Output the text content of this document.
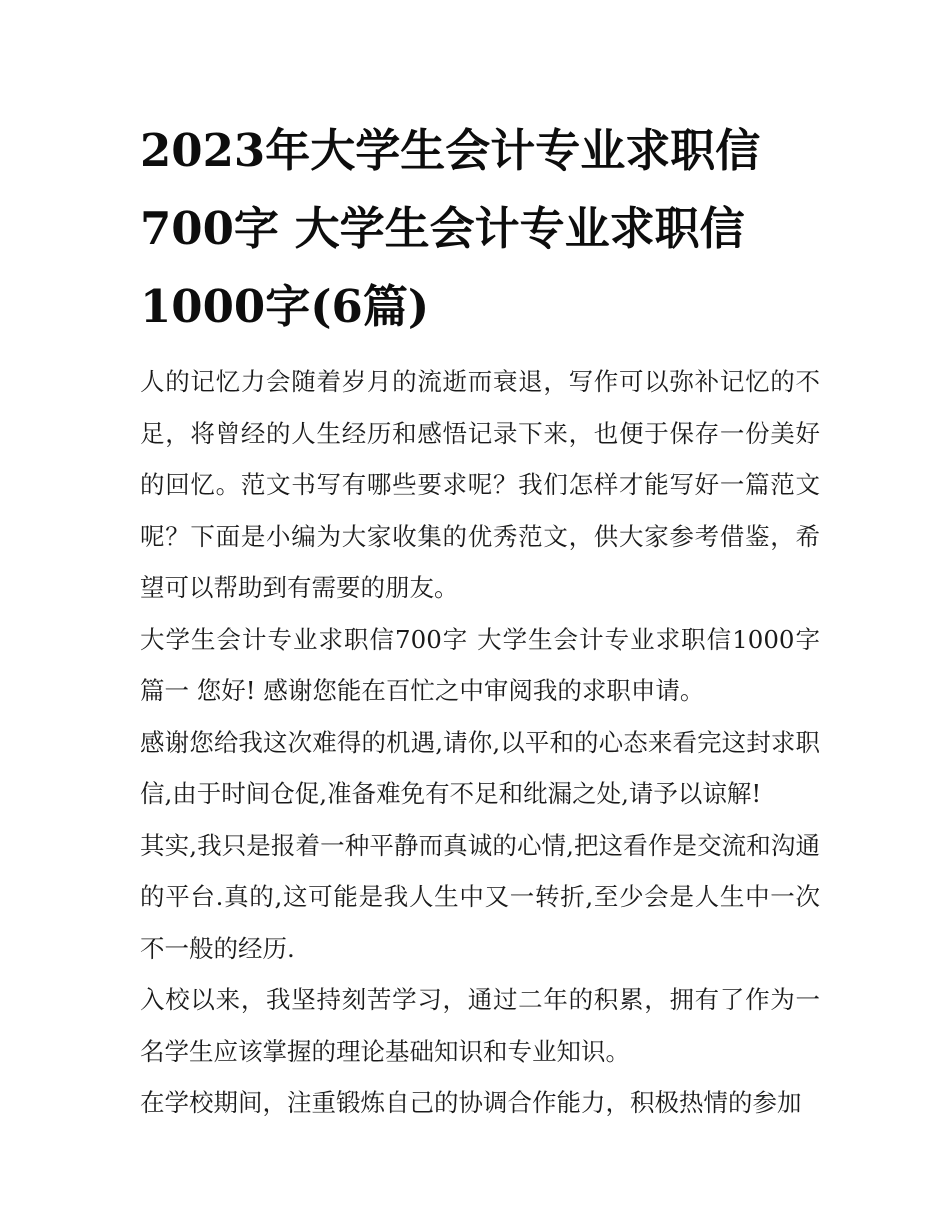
2023年大学生会计专业求职信700字 大学生会计专业求职信1000字(6篇)

人的记忆力会随着岁月的流逝而衰退，写作可以弥补记忆的不足，将曾经的人生经历和感悟记录下来，也便于保存一份美好的回忆。范文书写有哪些要求呢？我们怎样才能写好一篇范文呢？下面是小编为大家收集的优秀范文，供大家参考借鉴，希望可以帮助到有需要的朋友。

大学生会计专业求职信700字 大学生会计专业求职信1000字篇一 您好! 感谢您能在百忙之中审阅我的求职申请。

感谢您给我这次难得的机遇,请你,以平和的心态来看完这封求职信,由于时间仓促,准备难免有不足和纰漏之处,请予以谅解!

其实,我只是报着一种平静而真诚的心情,把这看作是交流和沟通的平台.真的,这可能是我人生中又一转折,至少会是人生中一次不一般的经历.

入校以来，我坚持刻苦学习，通过二年的积累，拥有了作为一名学生应该掌握的理论基础知识和专业知识。

在学校期间，注重锻炼自己的协调合作能力，积极热情的参加
